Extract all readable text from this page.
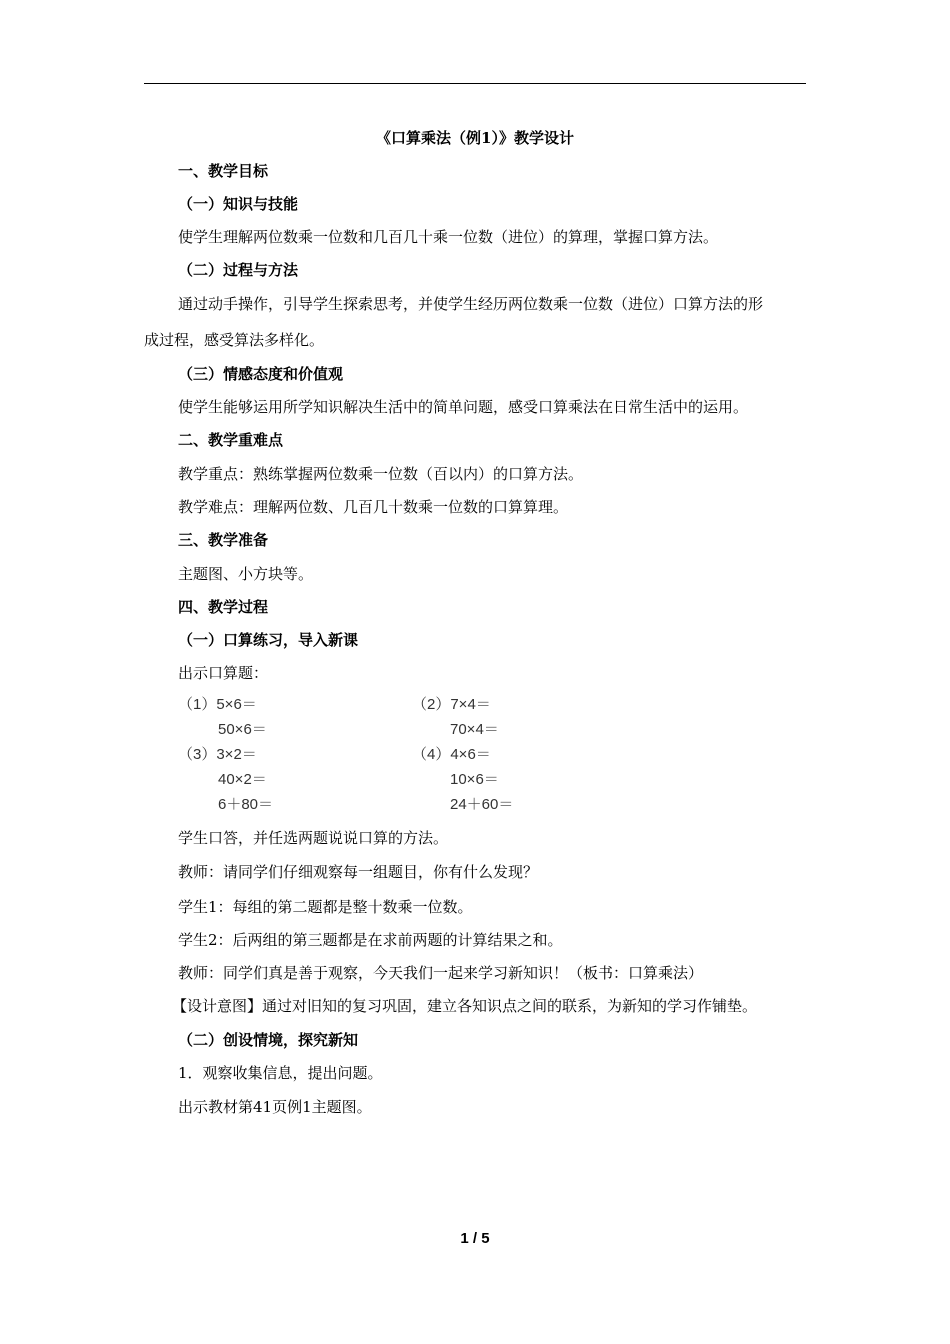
《口算乘法（例1）》教学设计
一、教学目标
（一）知识与技能
使学生理解两位数乘一位数和几百几十乘一位数（进位）的算理，掌握口算方法。
（二）过程与方法
通过动手操作，引导学生探索思考，并使学生经历两位数乘一位数（进位）口算方法的形
成过程，感受算法多样化。
（三）情感态度和价值观
使学生能够运用所学知识解决生活中的简单问题，感受口算乘法在日常生活中的运用。
二、教学重难点
教学重点：熟练掌握两位数乘一位数（百以内）的口算方法。
教学难点：理解两位数、几百几十数乘一位数的口算算理。
三、教学准备
主题图、小方块等。
四、教学过程
（一）口算练习，导入新课
出示口算题：
（1）5×6＝
50×6＝
（3）3×2＝
40×2＝
6＋80＝
（2）7×4＝
70×4＝
（4）4×6＝
10×6＝
24＋60＝
学生口答，并任选两题说说口算的方法。
教师：请同学们仔细观察每一组题目，你有什么发现？
学生1：每组的第二题都是整十数乘一位数。
学生2：后两组的第三题都是在求前两题的计算结果之和。
教师：同学们真是善于观察，今天我们一起来学习新知识！（板书：口算乘法）
【设计意图】通过对旧知的复习巩固，建立各知识点之间的联系，为新知的学习作铺垫。
（二）创设情境，探究新知
1．观察收集信息，提出问题。
出示教材第41页例1主题图。
1 / 5
